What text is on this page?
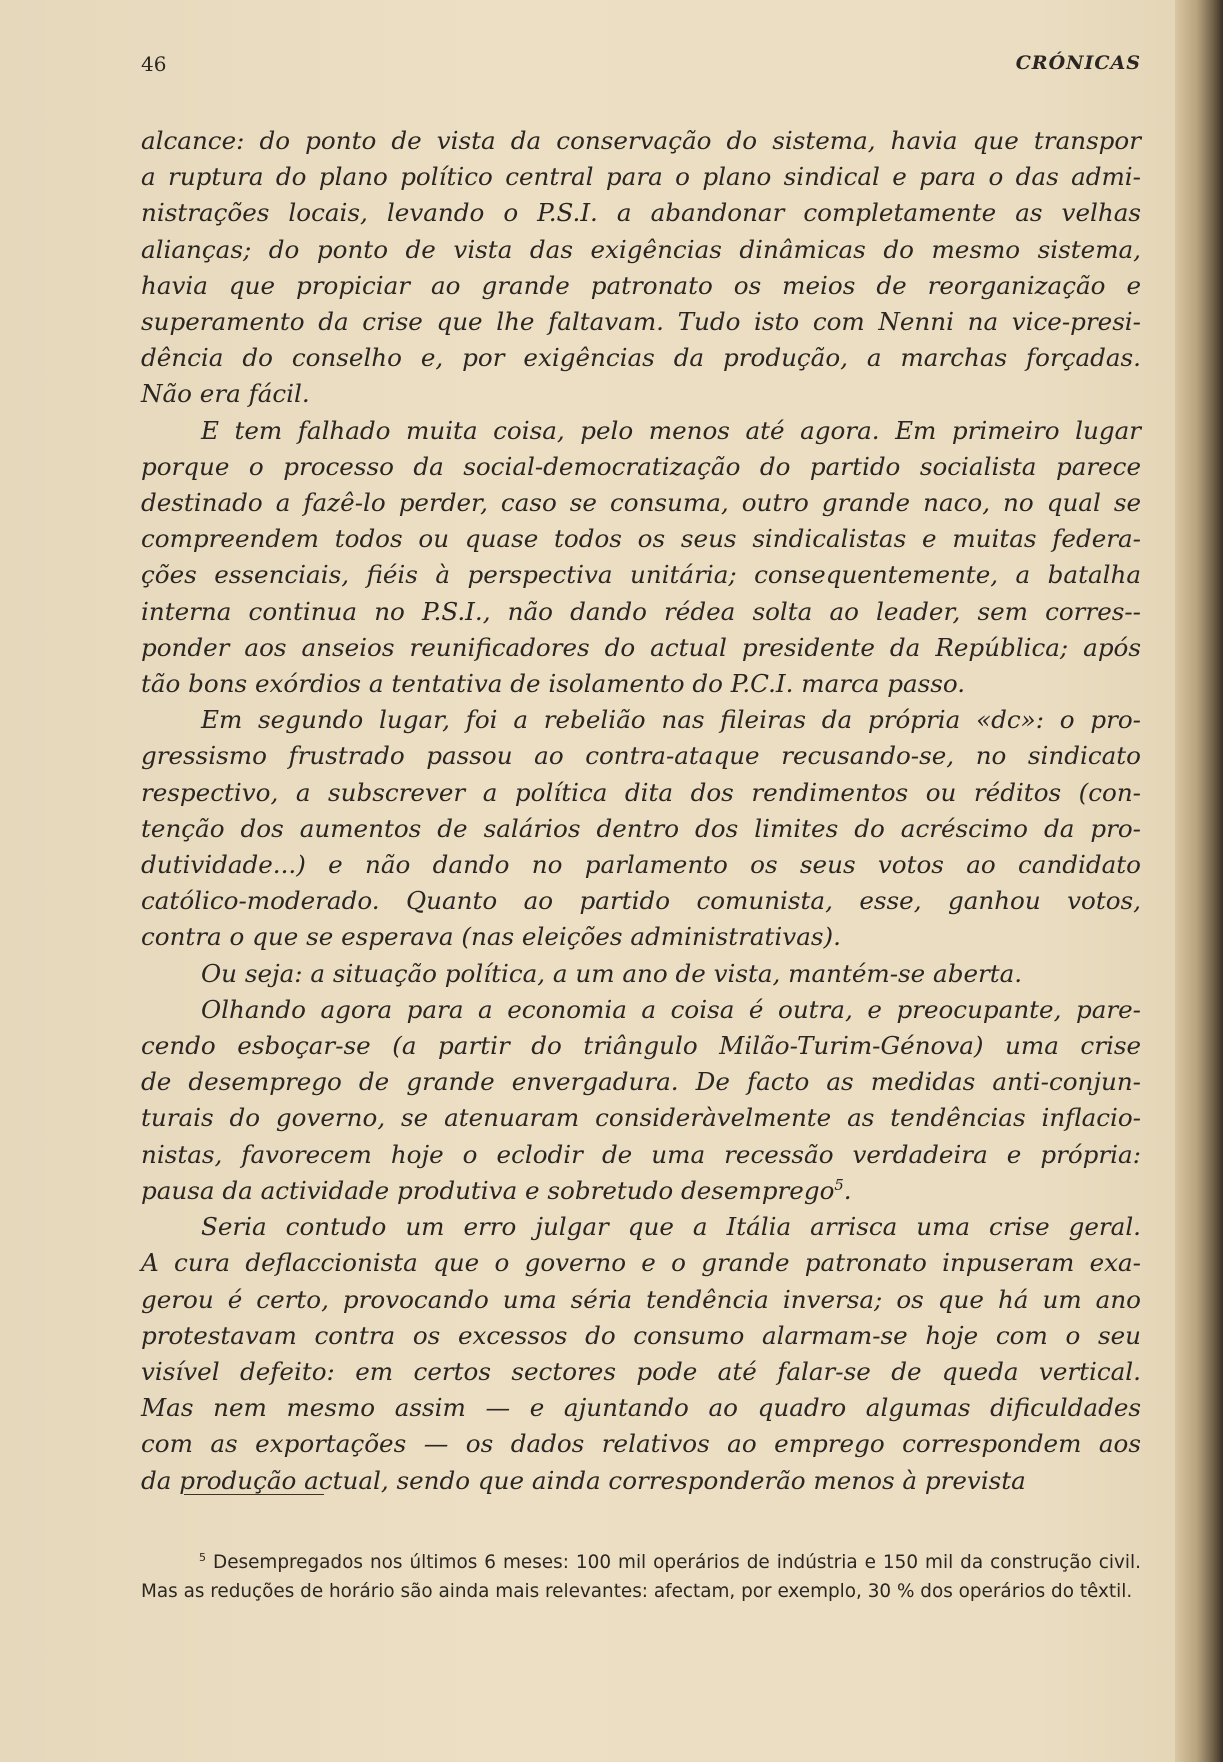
46	CRÓNICAS

alcance: do ponto de vista da conservação do sistema, havia que transpor
a ruptura do plano político central para o plano sindical e para o das admi-
nistrações locais, levando o P.S.I. a abandonar completamente as velhas
alianças; do ponto de vista das exigências dinâmicas do mesmo sistema,
havia que propiciar ao grande patronato os meios de reorganização e
superamento da crise que lhe faltavam. Tudo isto com Nenni na vice-presi-
dência do conselho e, por exigências da produção, a marchas forçadas.
Não era fácil.

E tem falhado muita coisa, pelo menos até agora. Em primeiro lugar
porque o processo da social-democratização do partido socialista parece
destinado a fazê-lo perder, caso se consuma, outro grande naco, no qual se
compreendem todos ou quase todos os seus sindicalistas e muitas federa-
ções essenciais, fiéis à perspectiva unitária; consequentemente, a batalha
interna continua no P.S.I., não dando rédea solta ao leader, sem corres--
ponder aos anseios reunificadores do actual presidente da República; após
tão bons exórdios a tentativa de isolamento do P.C.I. marca passo.

Em segundo lugar, foi a rebelião nas fileiras da própria «dc»: o pro-
gressismo frustrado passou ao contra-ataque recusando-se, no sindicato
respectivo, a subscrever a política dita dos rendimentos ou réditos (con-
tenção dos aumentos de salários dentro dos limites do acréscimo da pro-
dutividade...) e não dando no parlamento os seus votos ao candidato
católico-moderado. Quanto ao partido comunista, esse, ganhou votos,
contra o que se esperava (nas eleições administrativas).

Ou seja: a situação política, a um ano de vista, mantém-se aberta.

Olhando agora para a economia a coisa é outra, e preocupante, pare-
cendo esboçar-se (a partir do triângulo Milão-Turim-Génova) uma crise
de desemprego de grande envergadura. De facto as medidas anti-conjun-
turais do governo, se atenuaram consideràvelmente as tendências inflacio-
nistas, favorecem hoje o eclodir de uma recessão verdadeira e própria:
pausa da actividade produtiva e sobretudo desemprego$^5$.

Seria contudo um erro julgar que a Itália arrisca uma crise geral.
A cura deflaccionista que o governo e o grande patronato inpuseram exa-
gerou é certo, provocando uma séria tendência inversa; os que há um ano
protestavam contra os excessos do consumo alarmam-se hoje com o seu
visível defeito: em certos sectores pode até falar-se de queda vertical.
Mas nem mesmo assim — e ajuntando ao quadro algumas dificuldades
com as exportações — os dados relativos ao emprego correspondem aos
da produção actual, sendo que ainda corresponderão menos à prevista

$^5$ Desempregados nos últimos 6 meses: 100 mil operários de indústria e 150 mil da construção civil. Mas as reduções de horário são ainda mais relevantes: afectam, por exemplo, 30 % dos operários do têxtil.
